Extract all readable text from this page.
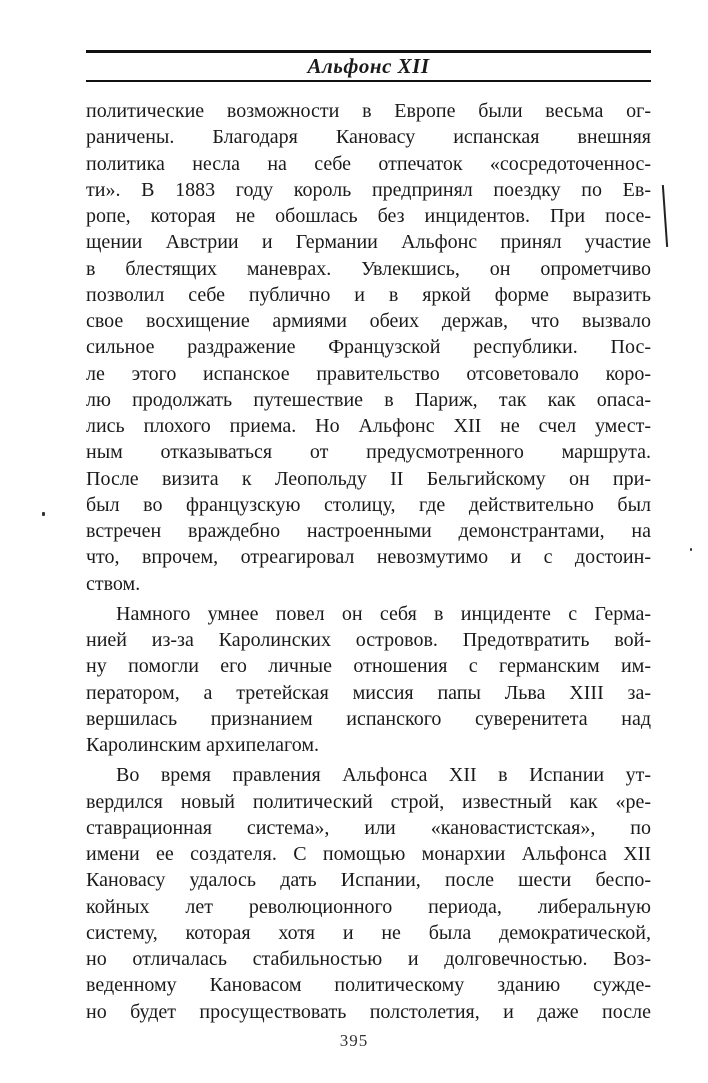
Альфонс XII
политические возможности в Европе были весьма ог-
раничены. Благодаря Кановасу испанская внешняя
политика несла на себе отпечаток «сосредоточеннос-
ти». В 1883 году король предпринял поездку по Ев-
ропе, которая не обошлась без инцидентов. При посе-
щении Австрии и Германии Альфонс принял участие
в блестящих маневрах. Увлекшись, он опрометчиво
позволил себе публично и в яркой форме выразить
свое восхищение армиями обеих держав, что вызвало
сильное раздражение Французской республики. Пос-
ле этого испанское правительство отсоветовало коро-
лю продолжать путешествие в Париж, так как опаса-
лись плохого приема. Но Альфонс XII не счел умест-
ным отказываться от предусмотренного маршрута.
После визита к Леопольду II Бельгийскому он при-
был во французскую столицу, где действительно был
встречен враждебно настроенными демонстрантами, на
что, впрочем, отреагировал невозмутимо и с достоин-
ством.
Намного умнее повел он себя в инциденте с Герма-
нией из-за Каролинских островов. Предотвратить вой-
ну помогли его личные отношения с германским им-
ператором, а третейская миссия папы Льва XIII за-
вершилась признанием испанского суверенитета над
Каролинским архипелагом.
Во время правления Альфонса XII в Испании ут-
вердился новый политический строй, известный как «ре-
ставрационная система», или «кановастистская», по
имени ее создателя. С помощью монархии Альфонса XII
Кановасу удалось дать Испании, после шести беспо-
койных лет революционного периода, либеральную
систему, которая хотя и не была демократической,
но отличалась стабильностью и долговечностью. Воз-
веденному Кановасом политическому зданию сужде-
но будет просуществовать полстолетия, и даже после
395
